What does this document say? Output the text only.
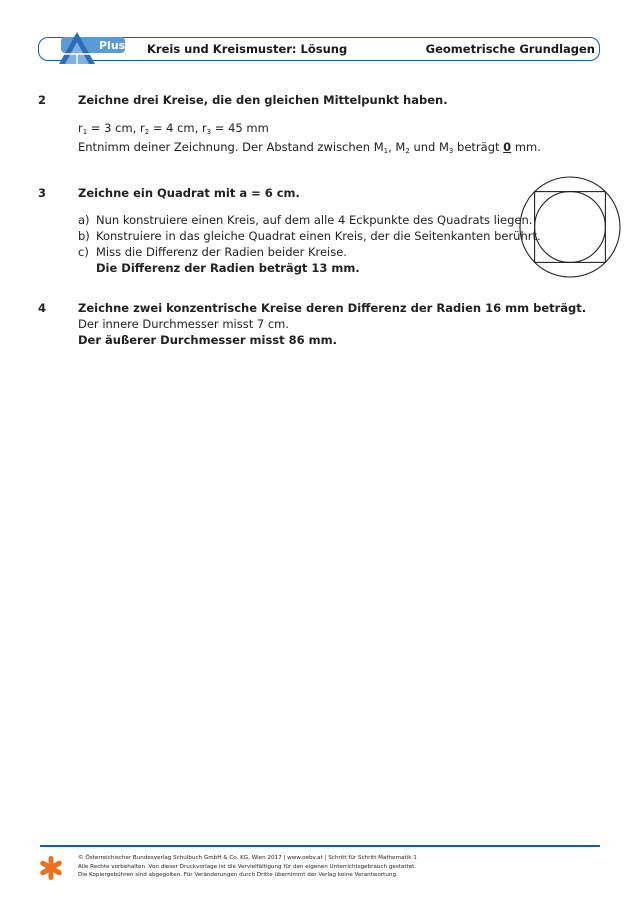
Plus Kreis und Kreismuster: Lösung	Geometrische Grundlagen
2	Zeichne drei Kreise, die den gleichen Mittelpunkt haben.
$r_1 = 3$ cm, $r_2 = 4$ cm, $r_3 = 45$ mm
Entnimm deiner Zeichnung. Der Abstand zwischen $M_1$, $M_2$ und $M_3$ beträgt 0 mm.
3	Zeichne ein Quadrat mit a = 6 cm.
a) Nun konstruiere einen Kreis, auf dem alle 4 Eckpunkte des Quadrats liegen.
b) Konstruiere in das gleiche Quadrat einen Kreis, der die Seitenkanten berührt.
c) Miss die Differenz der Radien beider Kreise.
Die Differenz der Radien beträgt 13 mm.
4	Zeichne zwei konzentrische Kreise deren Differenz der Radien 16 mm beträgt.
Der innere Durchmesser misst 7 cm.
Der äußerer Durchmesser misst 86 mm.
© Österreichischer Bundesverlag Schulbuch GmbH & Co. KG, Wien 2017 | www.oebv.at | Schritt für Schritt Mathematik 1
Alle Rechte vorbehalten. Von dieser Druckvorlage ist die Vervielfältigung für den eigenen Unterrichtsgebrauch gestattet.
Die Kopiergebühren sind abgegolten. Für Veränderungen durch Dritte übernimmt der Verlag keine Verantwortung.
